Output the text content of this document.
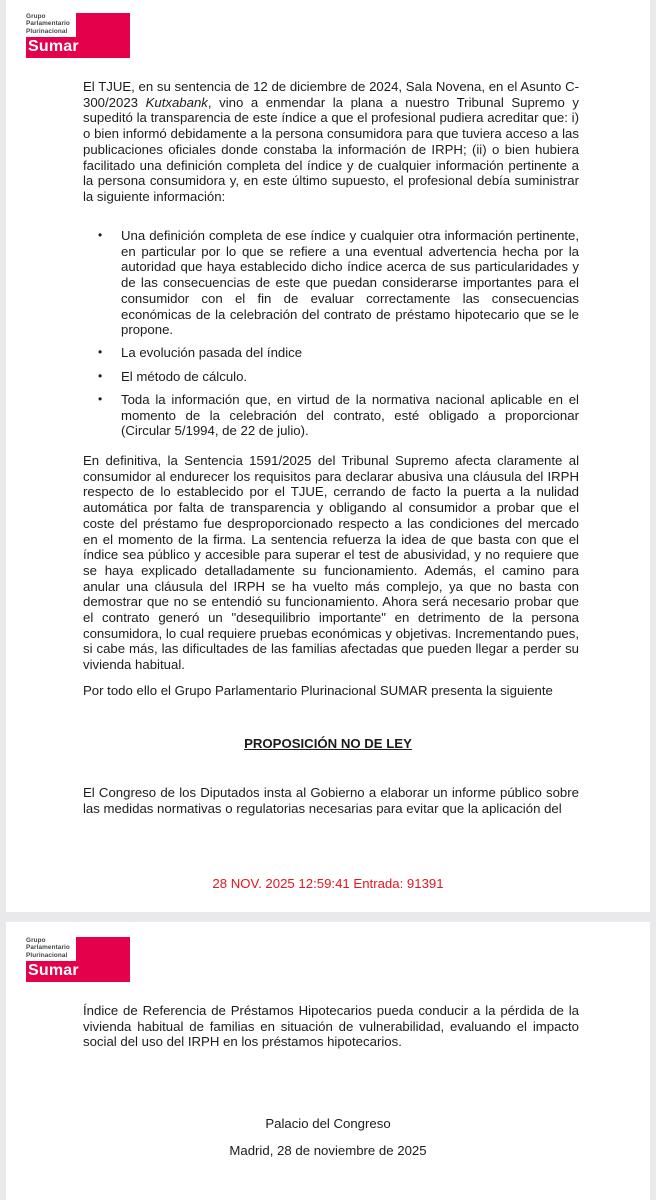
Grupo
Parlamentario
Plurinacional
Sumar

El TJUE, en su sentencia de 12 de diciembre de 2024, Sala Novena, en el Asunto C-300/2023 Kutxabank, vino a enmendar la plana a nuestro Tribunal Supremo y supeditó la transparencia de este índice a que el profesional pudiera acreditar que: i) o bien informó debidamente a la persona consumidora para que tuviera acceso a las publicaciones oficiales donde constaba la información de IRPH; (ii) o bien hubiera facilitado una definición completa del índice y de cualquier información pertinente a la persona consumidora y, en este último supuesto, el profesional debía suministrar la siguiente información:

• Una definición completa de ese índice y cualquier otra información pertinente, en particular por lo que se refiere a una eventual advertencia hecha por la autoridad que haya establecido dicho índice acerca de sus particularidades y de las consecuencias de este que puedan considerarse importantes para el consumidor con el fin de evaluar correctamente las consecuencias económicas de la celebración del contrato de préstamo hipotecario que se le propone.
• La evolución pasada del índice
• El método de cálculo.
• Toda la información que, en virtud de la normativa nacional aplicable en el momento de la celebración del contrato, esté obligado a proporcionar (Circular 5/1994, de 22 de julio).

En definitiva, la Sentencia 1591/2025 del Tribunal Supremo afecta claramente al consumidor al endurecer los requisitos para declarar abusiva una cláusula del IRPH respecto de lo establecido por el TJUE, cerrando de facto la puerta a la nulidad automática por falta de transparencia y obligando al consumidor a probar que el coste del préstamo fue desproporcionado respecto a las condiciones del mercado en el momento de la firma. La sentencia refuerza la idea de que basta con que el índice sea público y accesible para superar el test de abusividad, y no requiere que se haya explicado detalladamente su funcionamiento. Además, el camino para anular una cláusula del IRPH se ha vuelto más complejo, ya que no basta con demostrar que no se entendió su funcionamiento. Ahora será necesario probar que el contrato generó un "desequilibrio importante" en detrimento de la persona consumidora, lo cual requiere pruebas económicas y objetivas. Incrementando pues, si cabe más, las dificultades de las familias afectadas que pueden llegar a perder su vivienda habitual.

Por todo ello el Grupo Parlamentario Plurinacional SUMAR presenta la siguiente

PROPOSICIÓN NO DE LEY

El Congreso de los Diputados insta al Gobierno a elaborar un informe público sobre las medidas normativas o regulatorias necesarias para evitar que la aplicación del

28 NOV. 2025 12:59:41 Entrada: 91391
Grupo
Parlamentario
Plurinacional
Sumar

Índice de Referencia de Préstamos Hipotecarios pueda conducir a la pérdida de la vivienda habitual de familias en situación de vulnerabilidad, evaluando el impacto social del uso del IRPH en los préstamos hipotecarios.

Palacio del Congreso
Madrid, 28 de noviembre de 2025
